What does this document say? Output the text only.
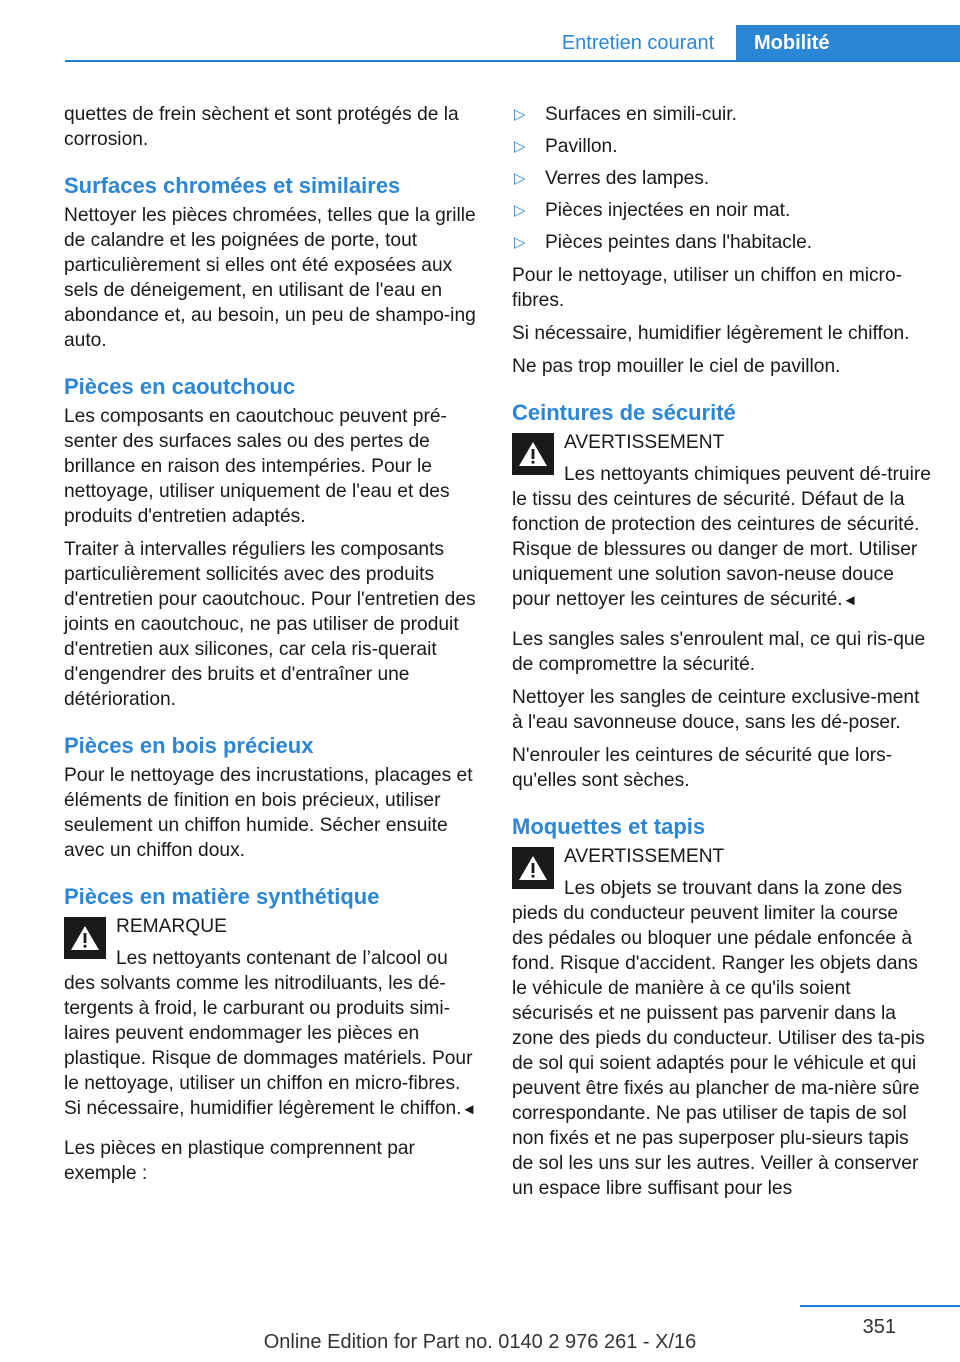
Entretien courant	Mobilité

quettes de frein sèchent et sont protégés de la corrosion.

Surfaces chromées et similaires

Nettoyer les pièces chromées, telles que la grille de calandre et les poignées de porte, tout particulièrement si elles ont été exposées aux sels de déneigement, en utilisant de l'eau en abondance et, au besoin, un peu de shampo-ing auto.

Pièces en caoutchouc

Les composants en caoutchouc peuvent pré-senter des surfaces sales ou des pertes de brillance en raison des intempéries. Pour le nettoyage, utiliser uniquement de l'eau et des produits d'entretien adaptés.

Traiter à intervalles réguliers les composants particulièrement sollicités avec des produits d'entretien pour caoutchouc. Pour l'entretien des joints en caoutchouc, ne pas utiliser de produit d'entretien aux silicones, car cela ris-querait d'engendrer des bruits et d'entraîner une détérioration.

Pièces en bois précieux

Pour le nettoyage des incrustations, placages et éléments de finition en bois précieux, utiliser seulement un chiffon humide. Sécher ensuite avec un chiffon doux.

Pièces en matière synthétique
REMARQUE
Les nettoyants contenant de l’alcool ou des solvants comme les nitrodiluants, les dé-tergents à froid, le carburant ou produits simi-laires peuvent endommager les pièces en plastique. Risque de dommages matériels. Pour le nettoyage, utiliser un chiffon en micro-fibres. Si nécessaire, humidifier légèrement le chiffon.◄

Les pièces en plastique comprennent par exemple :

▷ Surfaces en simili-cuir.
▷ Pavillon.
▷ Verres des lampes.
▷ Pièces injectées en noir mat.
▷ Pièces peintes dans l'habitacle.

Pour le nettoyage, utiliser un chiffon en micro-fibres.

Si nécessaire, humidifier légèrement le chiffon.

Ne pas trop mouiller le ciel de pavillon.

Ceintures de sécurité
AVERTISSEMENT
Les nettoyants chimiques peuvent dé-truire le tissu des ceintures de sécurité. Défaut de la fonction de protection des ceintures de sécurité. Risque de blessures ou danger de mort. Utiliser uniquement une solution savon-neuse douce pour nettoyer les ceintures de sécurité.◄

Les sangles sales s'enroulent mal, ce qui ris-que de compromettre la sécurité.

Nettoyer les sangles de ceinture exclusive-ment à l'eau savonneuse douce, sans les dé-poser.

N'enrouler les ceintures de sécurité que lors-qu'elles sont sèches.

Moquettes et tapis
AVERTISSEMENT
Les objets se trouvant dans la zone des pieds du conducteur peuvent limiter la course des pédales ou bloquer une pédale enfoncée à fond. Risque d'accident. Ranger les objets dans le véhicule de manière à ce qu'ils soient sécurisés et ne puissent pas parvenir dans la zone des pieds du conducteur. Utiliser des ta-pis de sol qui soient adaptés pour le véhicule et qui peuvent être fixés au plancher de ma-nière sûre correspondante. Ne pas utiliser de tapis de sol non fixés et ne pas superposer plu-sieurs tapis de sol les uns sur les autres. Veiller à conserver un espace libre suffisant pour les
351
Online Edition for Part no. 0140 2 976 261 - X/16
